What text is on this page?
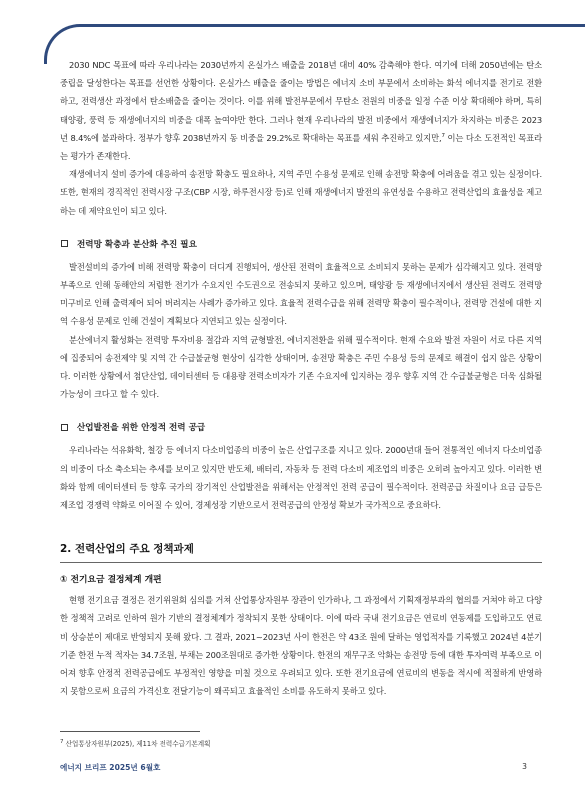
2030 NDC 목표에 따라 우리나라는 2030년까지 온실가스 배출을 2018년 대비 40% 감축해야 한다. 여기에 더해 2050년에는 탄소중립을 달성한다는 목표를 선언한 상황이다. 온실가스 배출을 줄이는 방법은 에너지 소비 부문에서 소비하는 화석 에너지를 전기로 전환하고, 전력생산 과정에서 탄소배출을 줄이는 것이다. 이를 위해 발전부문에서 무탄소 전원의 비중을 일정 수준 이상 확대해야 하며, 특히 태양광, 풍력 등 재생에너지의 비중을 대폭 높여야만 한다. 그러나 현재 우리나라의 발전 비중에서 재생에너지가 차지하는 비중은 2023년 8.4%에 불과하다. 정부가 향후 2038년까지 동 비중을 29.2%로 확대하는 목표를 세워 추진하고 있지만,$^7$ 이는 다소 도전적인 목표라는 평가가 존재한다.

재생에너지 설비 증가에 대응하여 송전망 확충도 필요하나, 지역 주민 수용성 문제로 인해 송전망 확충에 어려움을 겪고 있는 실정이다. 또한, 현재의 경직적인 전력시장 구조(CBP 시장, 하루전시장 등)로 인해 재생에너지 발전의 유연성을 수용하고 전력산업의 효율성을 제고하는 데 제약요인이 되고 있다.

전력망 확충과 분산화 추진 필요

발전설비의 증가에 비해 전력망 확충이 더디게 진행되어, 생산된 전력이 효율적으로 소비되지 못하는 문제가 심각해지고 있다. 전력망 부족으로 인해 동해안의 저렴한 전기가 수요지인 수도권으로 전송되지 못하고 있으며, 태양광 등 재생에너지에서 생산된 전력도 전력망 미구비로 인해 출력제어 되어 버려지는 사례가 증가하고 있다. 효율적 전력수급을 위해 전력망 확충이 필수적이나, 전력망 건설에 대한 지역 수용성 문제로 인해 건설이 계획보다 지연되고 있는 실정이다.

분산에너지 활성화는 전력망 투자비용 절감과 지역 균형발전, 에너지전환을 위해 필수적이다. 현재 수요와 발전 자원이 서로 다른 지역에 집중되어 송전제약 및 지역 간 수급불균형 현상이 심각한 상태이며, 송전망 확충은 주민 수용성 등의 문제로 해결이 쉽지 않은 상황이다. 이러한 상황에서 첨단산업, 데이터센터 등 대용량 전력소비자가 기존 수요지에 입지하는 경우 향후 지역 간 수급불균형은 더욱 심화될 가능성이 크다고 할 수 있다.

산업발전을 위한 안정적 전력 공급

우리나라는 석유화학, 철강 등 에너지 다소비업종의 비중이 높은 산업구조를 지니고 있다. 2000년대 들어 전통적인 에너지 다소비업종의 비중이 다소 축소되는 추세를 보이고 있지만 반도체, 배터리, 자동차 등 전력 다소비 제조업의 비중은 오히려 높아지고 있다. 이러한 변화와 함께 데이터센터 등 향후 국가의 장기적인 산업발전을 위해서는 안정적인 전력 공급이 필수적이다. 전력공급 차질이나 요금 급등은 제조업 경쟁력 약화로 이어질 수 있어, 경제성장 기반으로서 전력공급의 안정성 확보가 국가적으로 중요하다.

2. 전력산업의 주요 정책과제
① 전기요금 결정체계 개편

현행 전기요금 결정은 전기위원회 심의를 거쳐 산업통상자원부 장관이 인가하나, 그 과정에서 기획재정부과의 협의를 거쳐야 하고 다양한 정책적 고려로 인하여 원가 기반의 결정체계가 정착되지 못한 상태이다. 이에 따라 국내 전기요금은 연료비 연동제를 도입하고도 연료비 상승분이 제대로 반영되지 못해 왔다. 그 결과, 2021~2023년 사이 한전은 약 43조 원에 달하는 영업적자를 기록했고 2024년 4분기 기준 한전 누적 적자는 34.7조원, 부채는 200조원대로 증가한 상황이다. 한전의 재무구조 악화는 송전망 등에 대한 투자여력 부족으로 이어져 향후 안정적 전력공급에도 부정적인 영향을 미칠 것으로 우려되고 있다. 또한 전기요금에 연료비의 변동을 적시에 적절하게 반영하지 못함으로써 요금의 가격신호 전달기능이 왜곡되고 효율적인 소비를 유도하지 못하고 있다.

$^7$ 산업통상자원부(2025), 제11차 전력수급기본계획
에너지 브리프 2025년 6월호	3
